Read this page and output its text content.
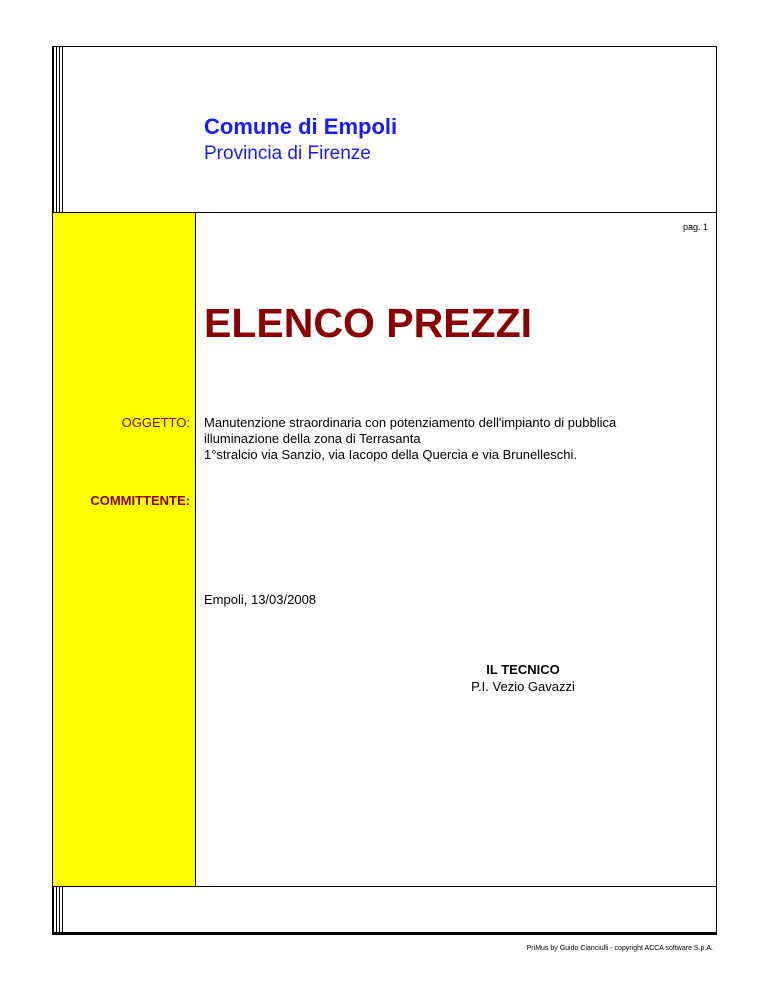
Comune di Empoli
Provincia di Firenze
pag. 1
ELENCO PREZZI
OGGETTO: Manutenzione straordinaria con potenziamento dell'impianto di pubblica
illuminazione della zona di Terrasanta
1°stralcio via Sanzio, via Iacopo della Quercia e via Brunelleschi.
COMMITTENTE:
Empoli, 13/03/2008
IL TECNICO
P.I. Vezio Gavazzi
PriMus by Guido Cianciulli - copyright ACCA software S.p.A.
